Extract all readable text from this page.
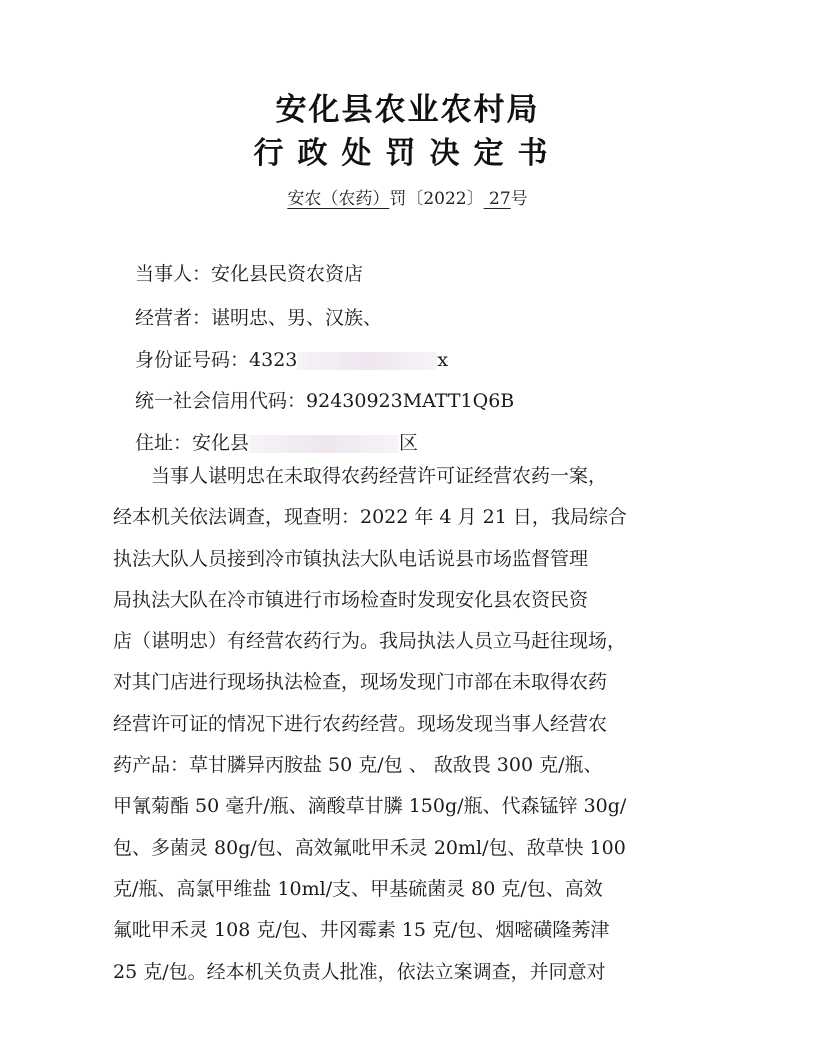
安化县农业农村局
行政处罚决定书
安农（农药）罚〔2022〕 27号
当事人：安化县民资农资店
经营者：谌明忠、男、汉族、
身份证号码：4323	x
统一社会信用代码：92430923MATT1Q6B
住址：安化县	区
当事人谌明忠在未取得农药经营许可证经营农药一案，
经本机关依法调查，现查明：2022 年 4 月 21 日，我局综合
执法大队人员接到冷市镇执法大队电话说县市场监督管理
局执法大队在冷市镇进行市场检查时发现安化县农资民资
店（谌明忠）有经营农药行为。我局执法人员立马赶往现场，
对其门店进行现场执法检查，现场发现门市部在未取得农药
经营许可证的情况下进行农药经营。现场发现当事人经营农
药产品：草甘膦异丙胺盐 50 克/包 、 敌敌畏 300 克/瓶、
甲氰菊酯 50 毫升/瓶、滴酸草甘膦 150g/瓶、代森锰锌 30g/
包、多菌灵 80g/包、高效氟吡甲禾灵 20ml/包、敌草快 100
克/瓶、高氯甲维盐 10ml/支、甲基硫菌灵 80 克/包、高效
氟吡甲禾灵 108 克/包、井冈霉素 15 克/包、烟嘧磺隆莠津
25 克/包。经本机关负责人批准，依法立案调查，并同意对
